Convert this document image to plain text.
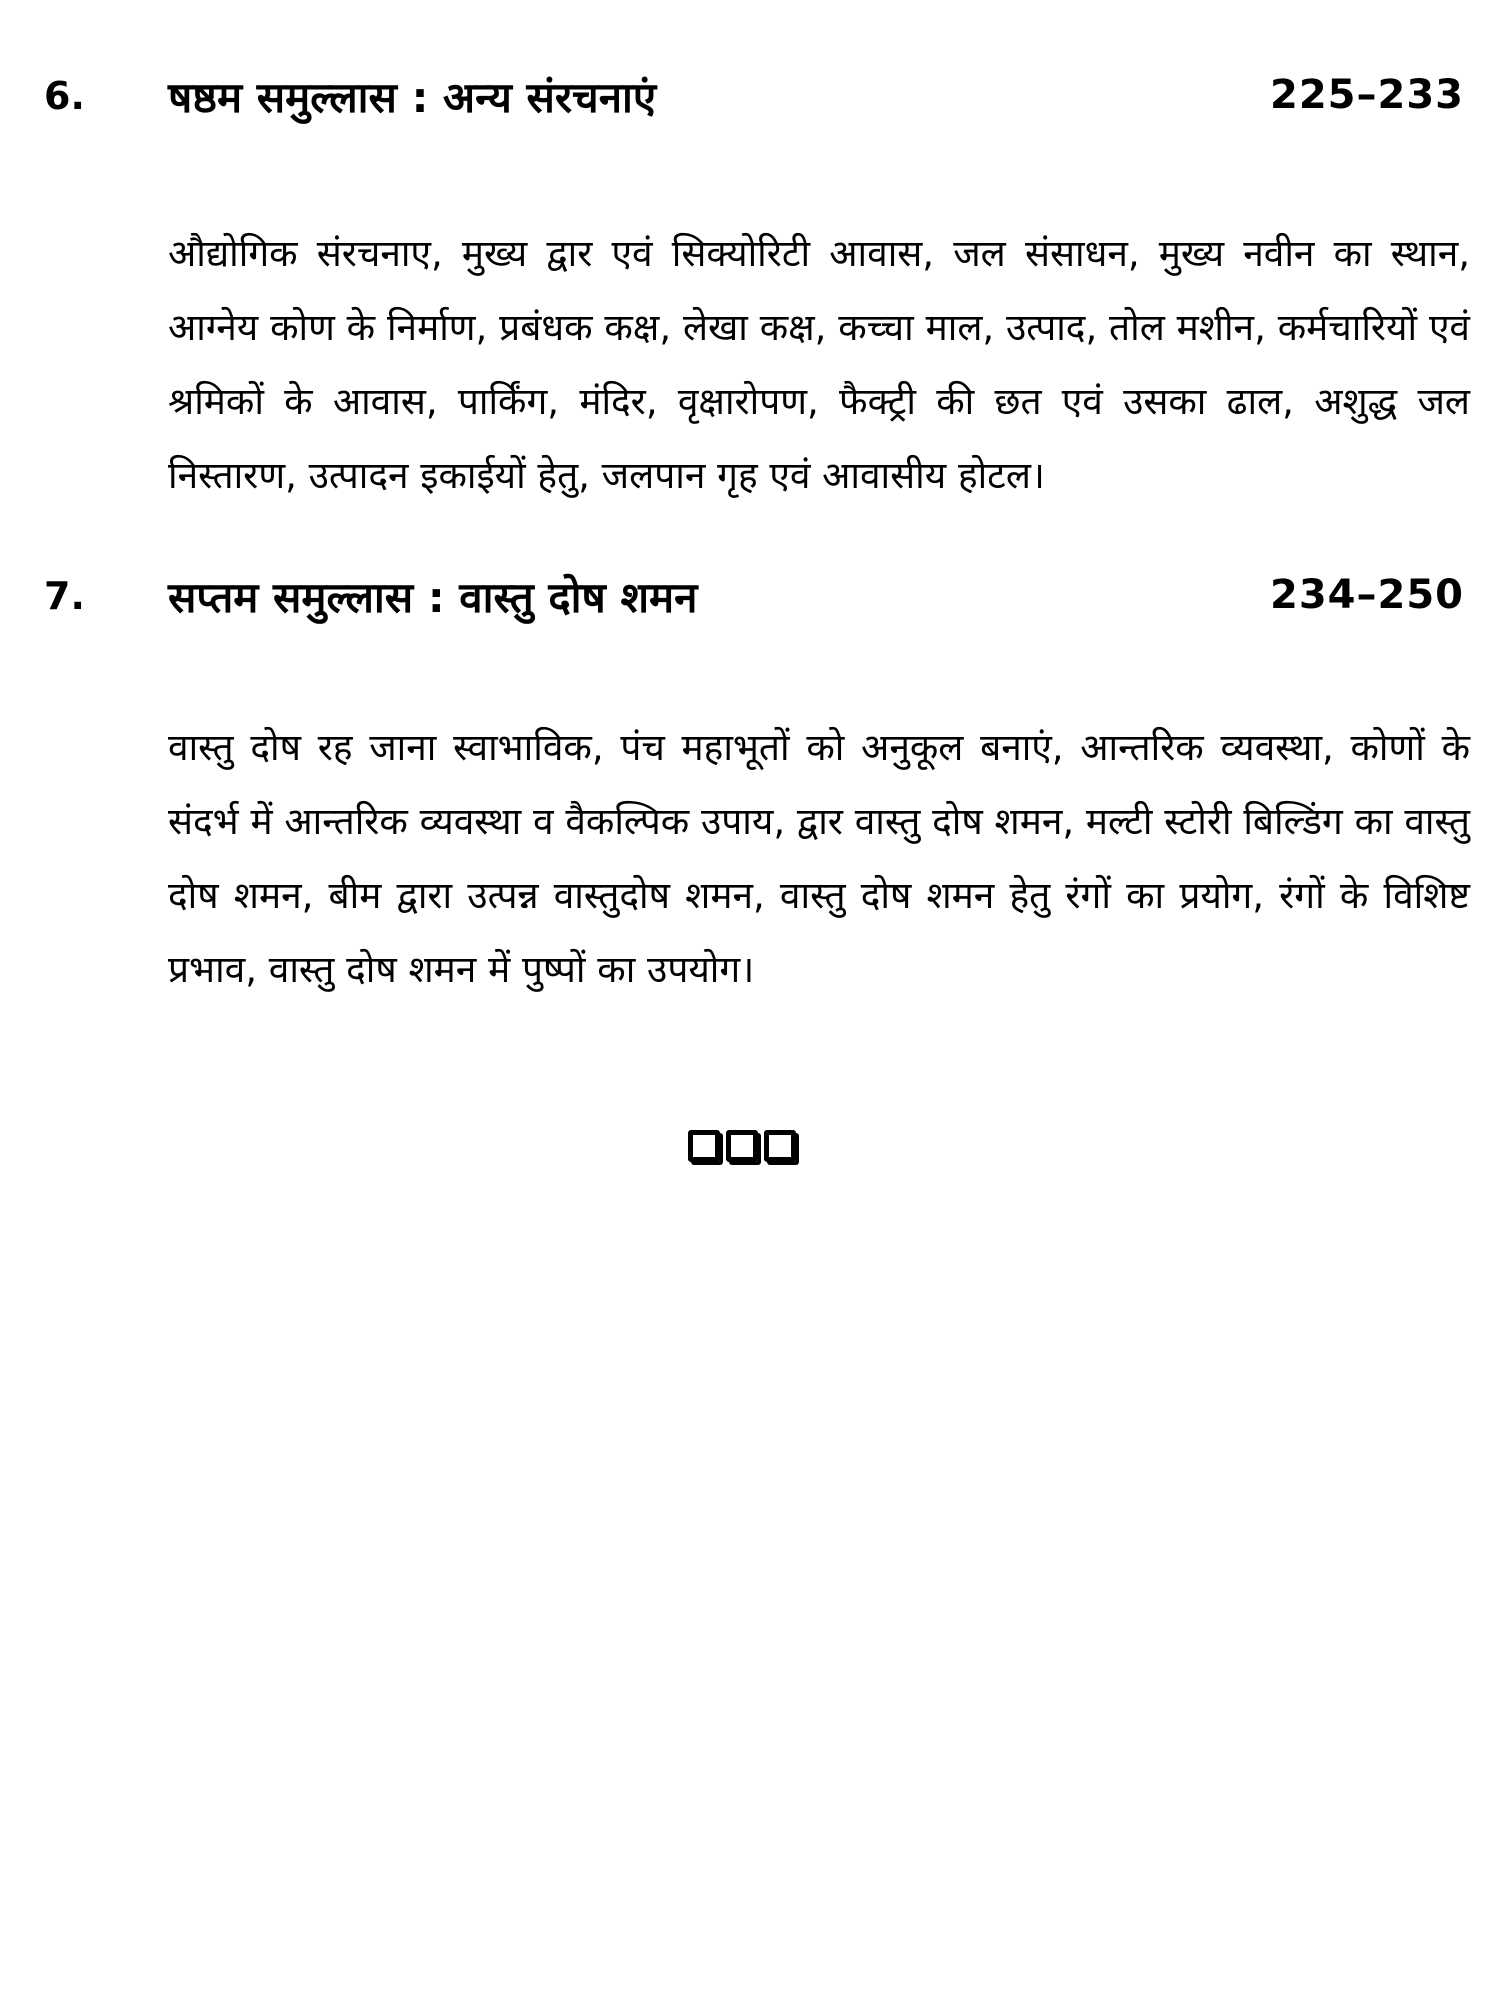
6. षष्ठम समुल्लास : अन्य संरचनाएं	225–233

औद्योगिक संरचनाए, मुख्य द्वार एवं सिक्योरिटी आवास, जल संसाधन, मुख्य नवीन का स्थान, आग्नेय कोण के निर्माण, प्रबंधक कक्ष, लेखा कक्ष, कच्चा माल, उत्पाद, तोल मशीन, कर्मचारियों एवं श्रमिकों के आवास, पार्किंग, मंदिर, वृक्षारोपण, फैक्ट्री की छत एवं उसका ढाल, अशुद्ध जल निस्तारण, उत्पादन इकाईयों हेतु, जलपान गृह एवं आवासीय होटल।

7. सप्तम समुल्लास : वास्तु दोष शमन	234–250

वास्तु दोष रह जाना स्वाभाविक, पंच महाभूतों को अनुकूल बनाएं, आन्तरिक व्यवस्था, कोणों के संदर्भ में आन्तरिक व्यवस्था व वैकल्पिक उपाय, द्वार वास्तु दोष शमन, मल्टी स्टोरी बिल्डिंग का वास्तु दोष शमन, बीम द्वारा उत्पन्न वास्तुदोष शमन, वास्तु दोष शमन हेतु रंगों का प्रयोग, रंगों के विशिष्ट प्रभाव, वास्तु दोष शमन में पुष्पों का उपयोग।
